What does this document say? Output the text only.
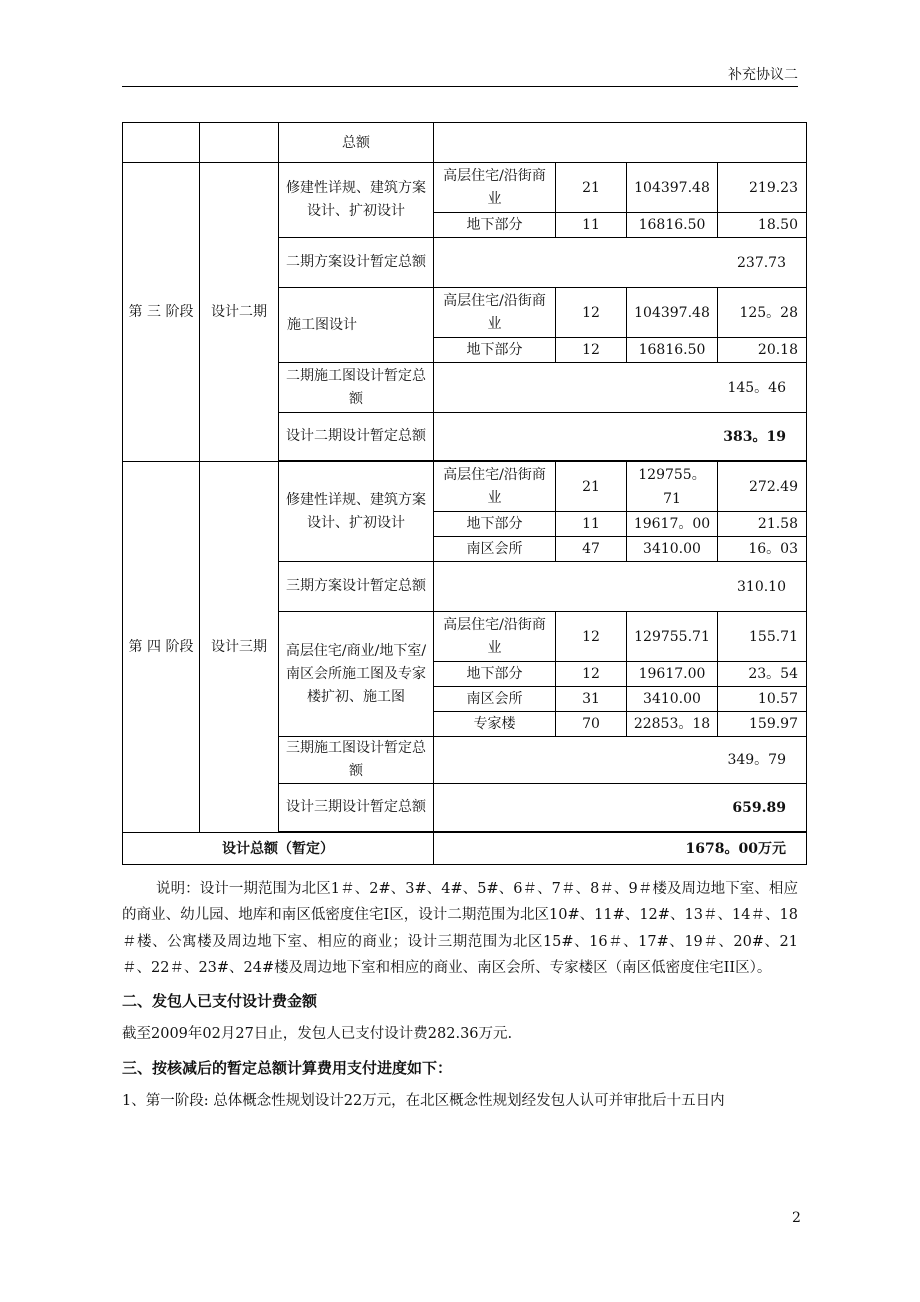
补充协议二
		总额				
第 三 阶段	设计二期	修建性详规、建筑方案设计、扩初设计	高层住宅/沿街商业	21	104397.48	219.23
			地下部分	11	16816.50	18.50
		二期方案设计暂定总额	237.73			
		施工图设计	高层住宅/沿街商业	12	104397.48	125。28
			地下部分	12	16816.50	20.18
		二期施工图设计暂定总额	145。46			
		设计二期设计暂定总额	383。19			

第 四 阶段	设计三期	修建性详规、建筑方案设计、扩初设计	高层住宅/沿街商业	21	129755。71	272.49
			地下部分	11	19617。00	21.58
			南区会所	47	3410.00	16。03
		三期方案设计暂定总额	310.10			
		高层住宅/商业/地下室/南区会所施工图及专家楼扩初、施工图	高层住宅/沿街商业	12	129755.71	155.71
			地下部分	12	19617.00	23。54
			南区会所	31	3410.00	10.57
			专家楼	70	22853。18	159.97
		三期施工图设计暂定总额	349。79			
		设计三期设计暂定总额	659.89			

设计总额（暂定）			1678。00万元			

说明：设计一期范围为北区1＃、2#、3#、4#、5#、6＃、7＃、8＃、9＃楼及周边地下室、相应的商业、幼儿园、地库和南区低密度住宅Ⅰ区，设计二期范围为北区10#、11#、12#、13＃、14＃、18＃楼、公寓楼及周边地下室、相应的商业；设计三期范围为北区15#、16＃、17#、19＃、20#、21＃、22＃、23#、24#楼及周边地下室和相应的商业、南区会所、专家楼区（南区低密度住宅II区）。

二、发包人已支付设计费金额

截至2009年02月27日止，发包人已支付设计费282.36万元.

三、按核减后的暂定总额计算费用支付进度如下：

1、第一阶段: 总体概念性规划设计22万元，在北区概念性规划经发包人认可并审批后十五日内

2
